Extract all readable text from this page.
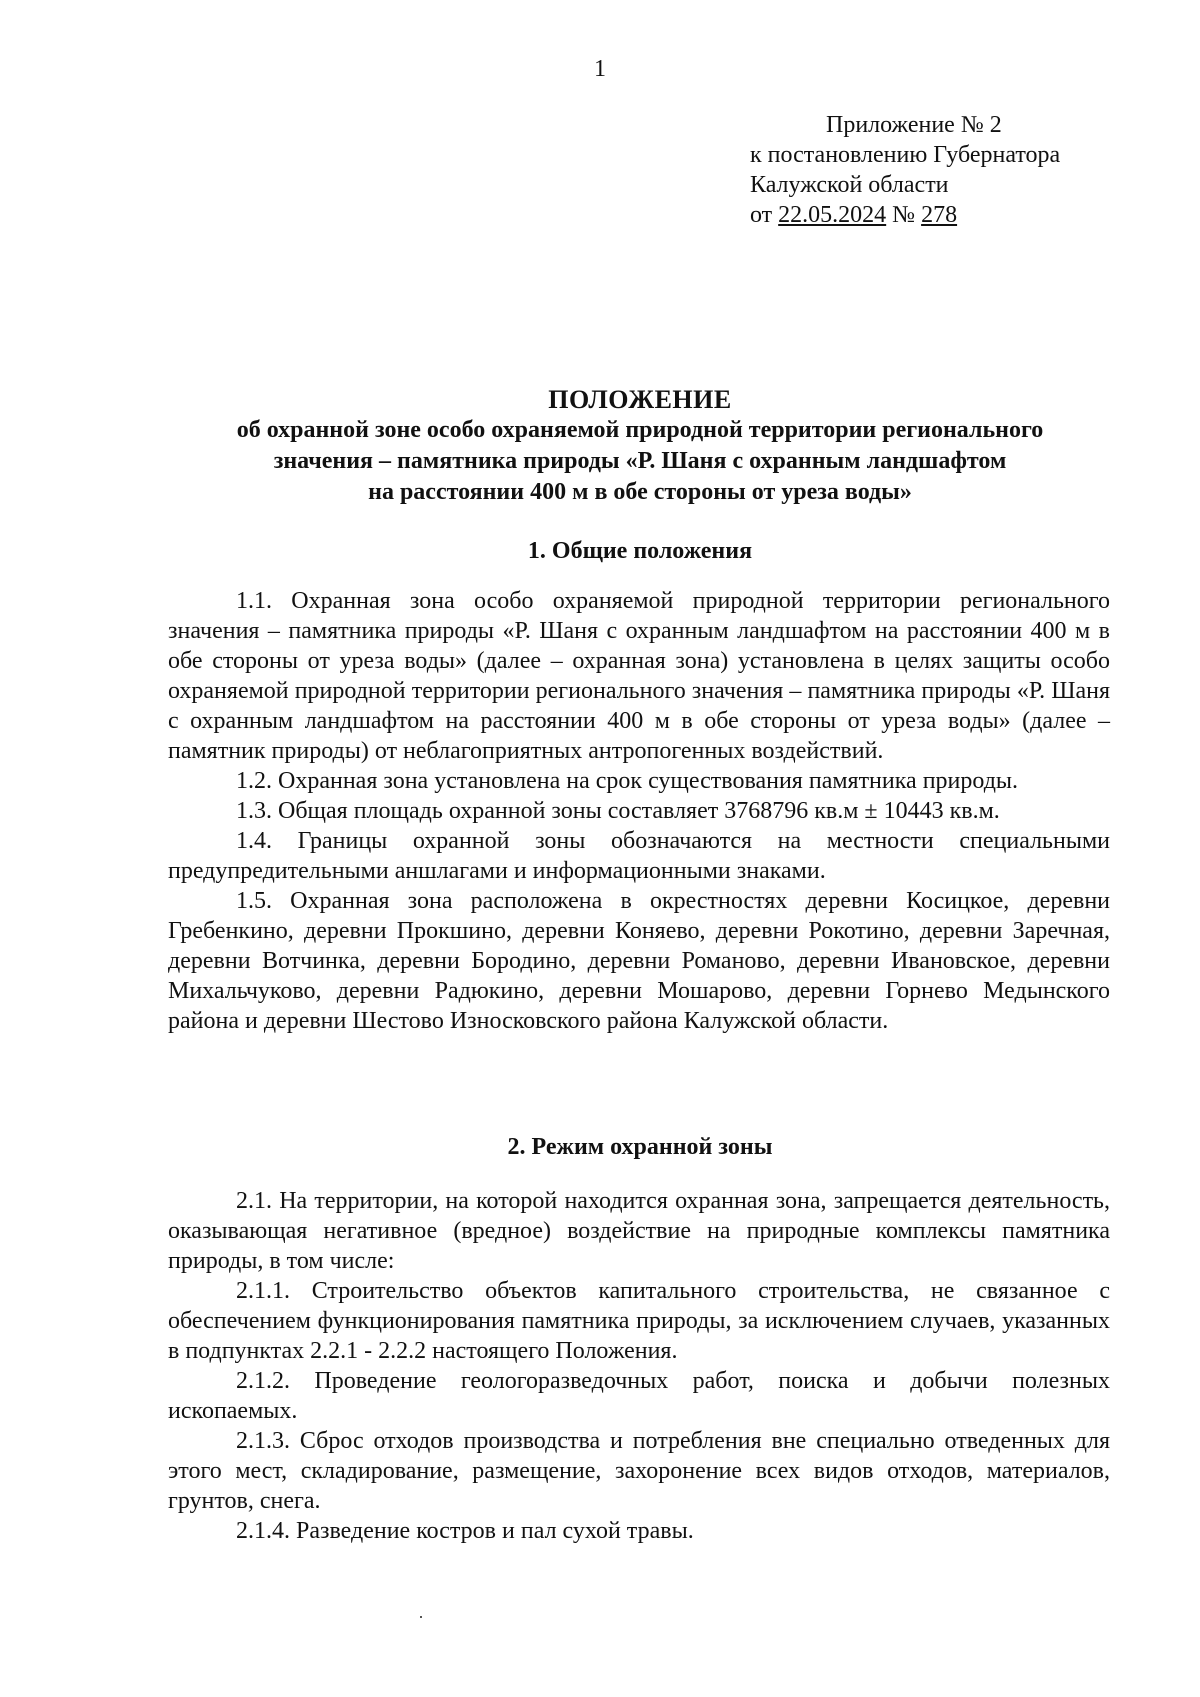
1
Приложение № 2
к постановлению Губернатора
Калужской области
от 22.05.2024 № 278
ПОЛОЖЕНИЕ
об охранной зоне особо охраняемой природной территории регионального
значения – памятника природы «Р. Шаня с охранным ландшафтом
на расстоянии 400 м в обе стороны от уреза воды»
1. Общие положения

1.1. Охранная зона особо охраняемой природной территории регионального значения – памятника природы «Р. Шаня с охранным ландшафтом на расстоянии 400 м в обе стороны от уреза воды» (далее – охранная зона) установлена в целях защиты особо охраняемой природной территории регионального значения – памятника природы «Р. Шаня с охранным ландшафтом на расстоянии 400 м в обе стороны от уреза воды» (далее – памятник природы) от неблагоприятных антропогенных воздействий.

1.2. Охранная зона установлена на срок существования памятника природы.

1.3. Общая площадь охранной зоны составляет 3768796 кв.м ± 10443 кв.м.

1.4. Границы охранной зоны обозначаются на местности специальными предупредительными аншлагами и информационными знаками.

1.5. Охранная зона расположена в окрестностях деревни Косицкое, деревни Гребенкино, деревни Прокшино, деревни Коняево, деревни Рокотино, деревни Заречная, деревни Вотчинка, деревни Бородино, деревни Романово, деревни Ивановское, деревни Михальчуково, деревни Радюкино, деревни Мошарово, деревни Горнево Медынского района и деревни Шестово Износковского района Калужской области.

2. Режим охранной зоны

2.1. На территории, на которой находится охранная зона, запрещается деятельность, оказывающая негативное (вредное) воздействие на природные комплексы памятника природы, в том числе:

2.1.1. Строительство объектов капитального строительства, не связанное с обеспечением функционирования памятника природы, за исключением случаев, указанных в подпунктах 2.2.1 - 2.2.2 настоящего Положения.

2.1.2. Проведение геологоразведочных работ, поиска и добычи полезных ископаемых.

2.1.3. Сброс отходов производства и потребления вне специально отведенных для этого мест, складирование, размещение, захоронение всех видов отходов, материалов, грунтов, снега.

2.1.4. Разведение костров и пал сухой травы.
